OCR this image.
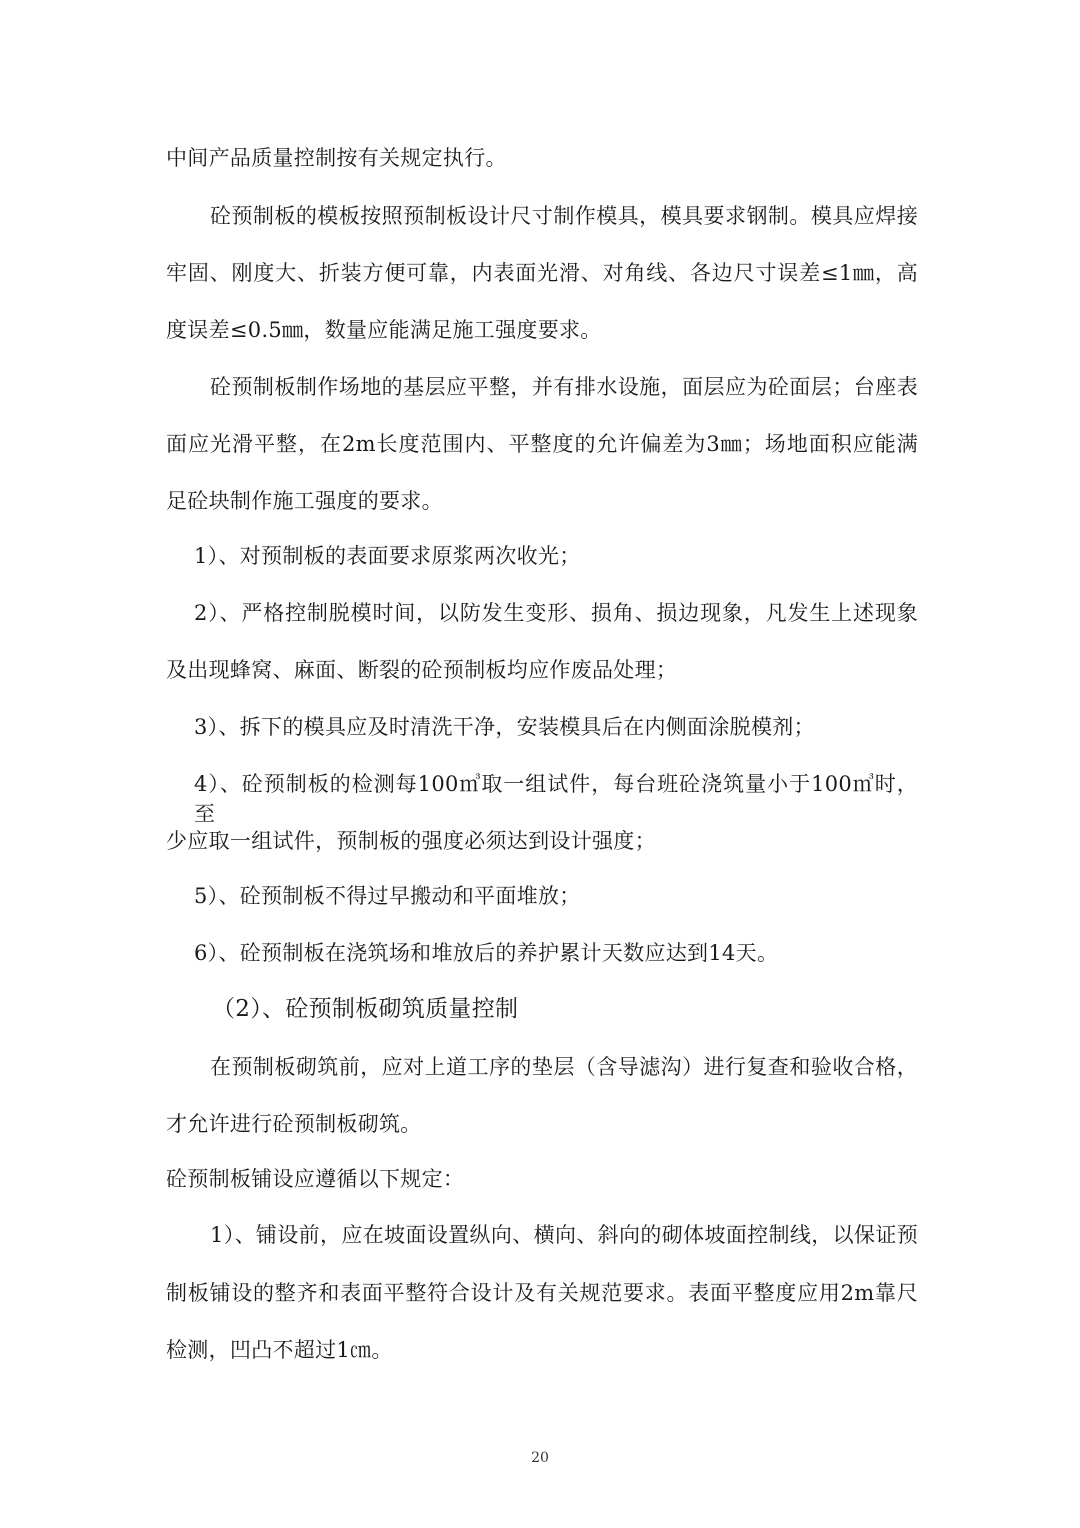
中间产品质量控制按有关规定执行。
砼预制板的模板按照预制板设计尺寸制作模具，模具要求钢制。模具应焊接
牢固、刚度大、折装方便可靠，内表面光滑、对角线、各边尺寸误差≤1㎜，高
度误差≤0.5㎜，数量应能满足施工强度要求。
砼预制板制作场地的基层应平整，并有排水设施，面层应为砼面层；台座表
面应光滑平整，在2m长度范围内、平整度的允许偏差为3㎜；场地面积应能满
足砼块制作施工强度的要求。
1）、对预制板的表面要求原浆两次收光；
2）、严格控制脱模时间，以防发生变形、损角、损边现象，凡发生上述现象
及出现蜂窝、麻面、断裂的砼预制板均应作废品处理；
3）、拆下的模具应及时清洗干净，安装模具后在内侧面涂脱模剂；
4）、砼预制板的检测每100㎥取一组试件，每台班砼浇筑量小于100㎥时，至
少应取一组试件，预制板的强度必须达到设计强度；
5）、砼预制板不得过早搬动和平面堆放；
6）、砼预制板在浇筑场和堆放后的养护累计天数应达到14天。
（2）、砼预制板砌筑质量控制
在预制板砌筑前，应对上道工序的垫层（含导滤沟）进行复查和验收合格，
才允许进行砼预制板砌筑。
砼预制板铺设应遵循以下规定：
1）、铺设前，应在坡面设置纵向、横向、斜向的砌体坡面控制线，以保证预
制板铺设的整齐和表面平整符合设计及有关规范要求。表面平整度应用2m靠尺
检测，凹凸不超过1㎝。
20
